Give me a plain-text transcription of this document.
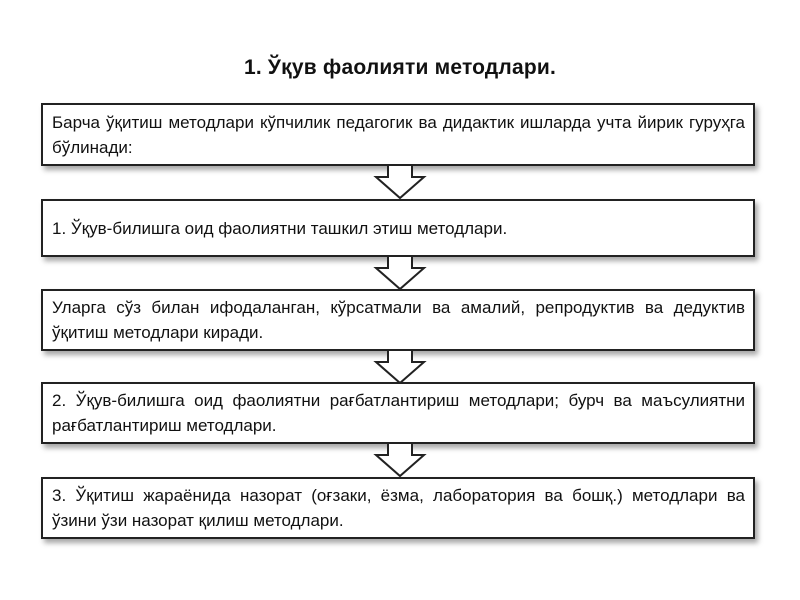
1. Ўқув фаолияти методлари.
Барча ўқитиш методлари кўпчилик педагогик ва дидактик ишларда учта йирик гуруҳга бўлинади:
1. Ўқув-билишга оид фаолиятни ташкил этиш методлари.
Уларга сўз билан ифодаланган, кўрсатмали ва амалий, репродуктив ва дедуктив ўқитиш методлари киради.
2. Ўқув-билишга оид фаолиятни рағбатлантириш методлари; бурч ва маъсулиятни рағбатлантириш методлари.
3. Ўқитиш жараёнида назорат (оғзаки, ёзма, лаборатория ва бошқ.) методлари ва ўзини ўзи назорат қилиш методлари.
